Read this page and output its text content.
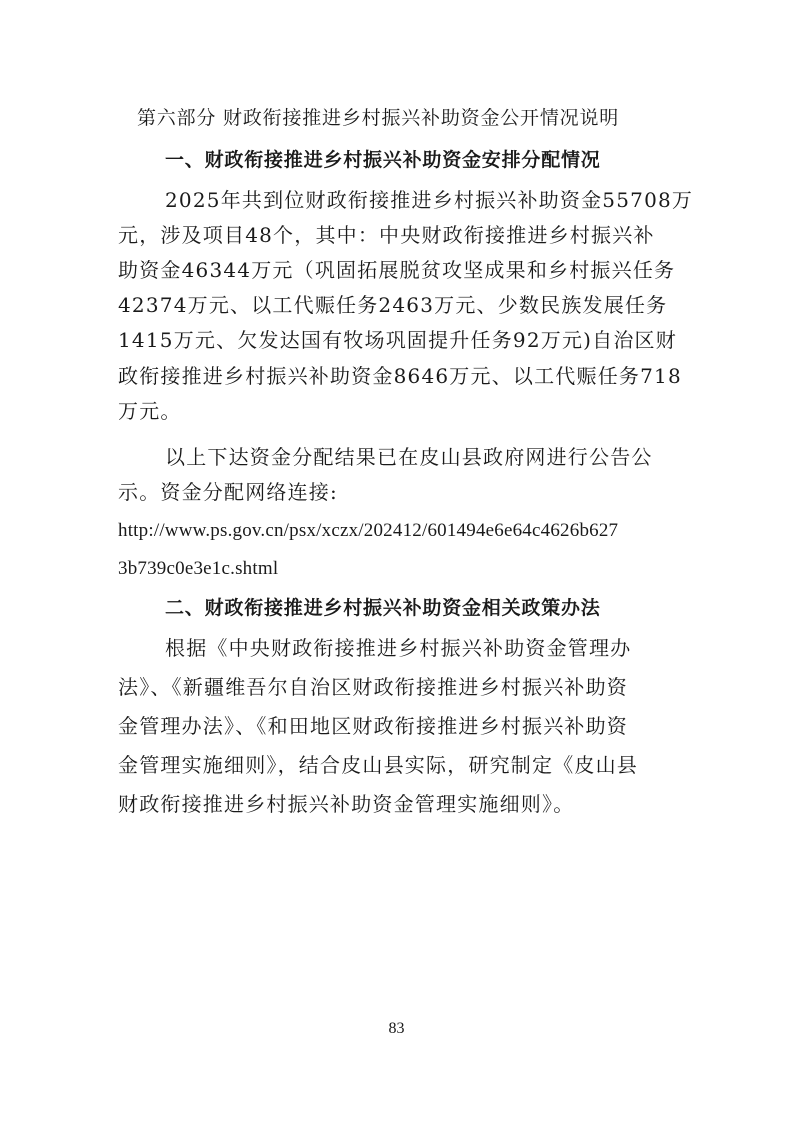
第六部分 财政衔接推进乡村振兴补助资金公开情况说明
一、财政衔接推进乡村振兴补助资金安排分配情况
2025年共到位财政衔接推进乡村振兴补助资金55708万
元，涉及项目48个，其中：中央财政衔接推进乡村振兴补
助资金46344万元（巩固拓展脱贫攻坚成果和乡村振兴任务
42374万元、以工代赈任务2463万元、少数民族发展任务
1415万元、欠发达国有牧场巩固提升任务92万元)自治区财
政衔接推进乡村振兴补助资金8646万元、以工代赈任务718
万元。
以上下达资金分配结果已在皮山县政府网进行公告公
示。资金分配网络连接:
http://www.ps.gov.cn/psx/xczx/202412/601494e6e64c4626b627
3b739c0e3e1c.shtml
二、财政衔接推进乡村振兴补助资金相关政策办法
根据《中央财政衔接推进乡村振兴补助资金管理办
法》、《新疆维吾尔自治区财政衔接推进乡村振兴补助资
金管理办法》、《和田地区财政衔接推进乡村振兴补助资
金管理实施细则》，结合皮山县实际，研究制定《皮山县
财政衔接推进乡村振兴补助资金管理实施细则》。
83
